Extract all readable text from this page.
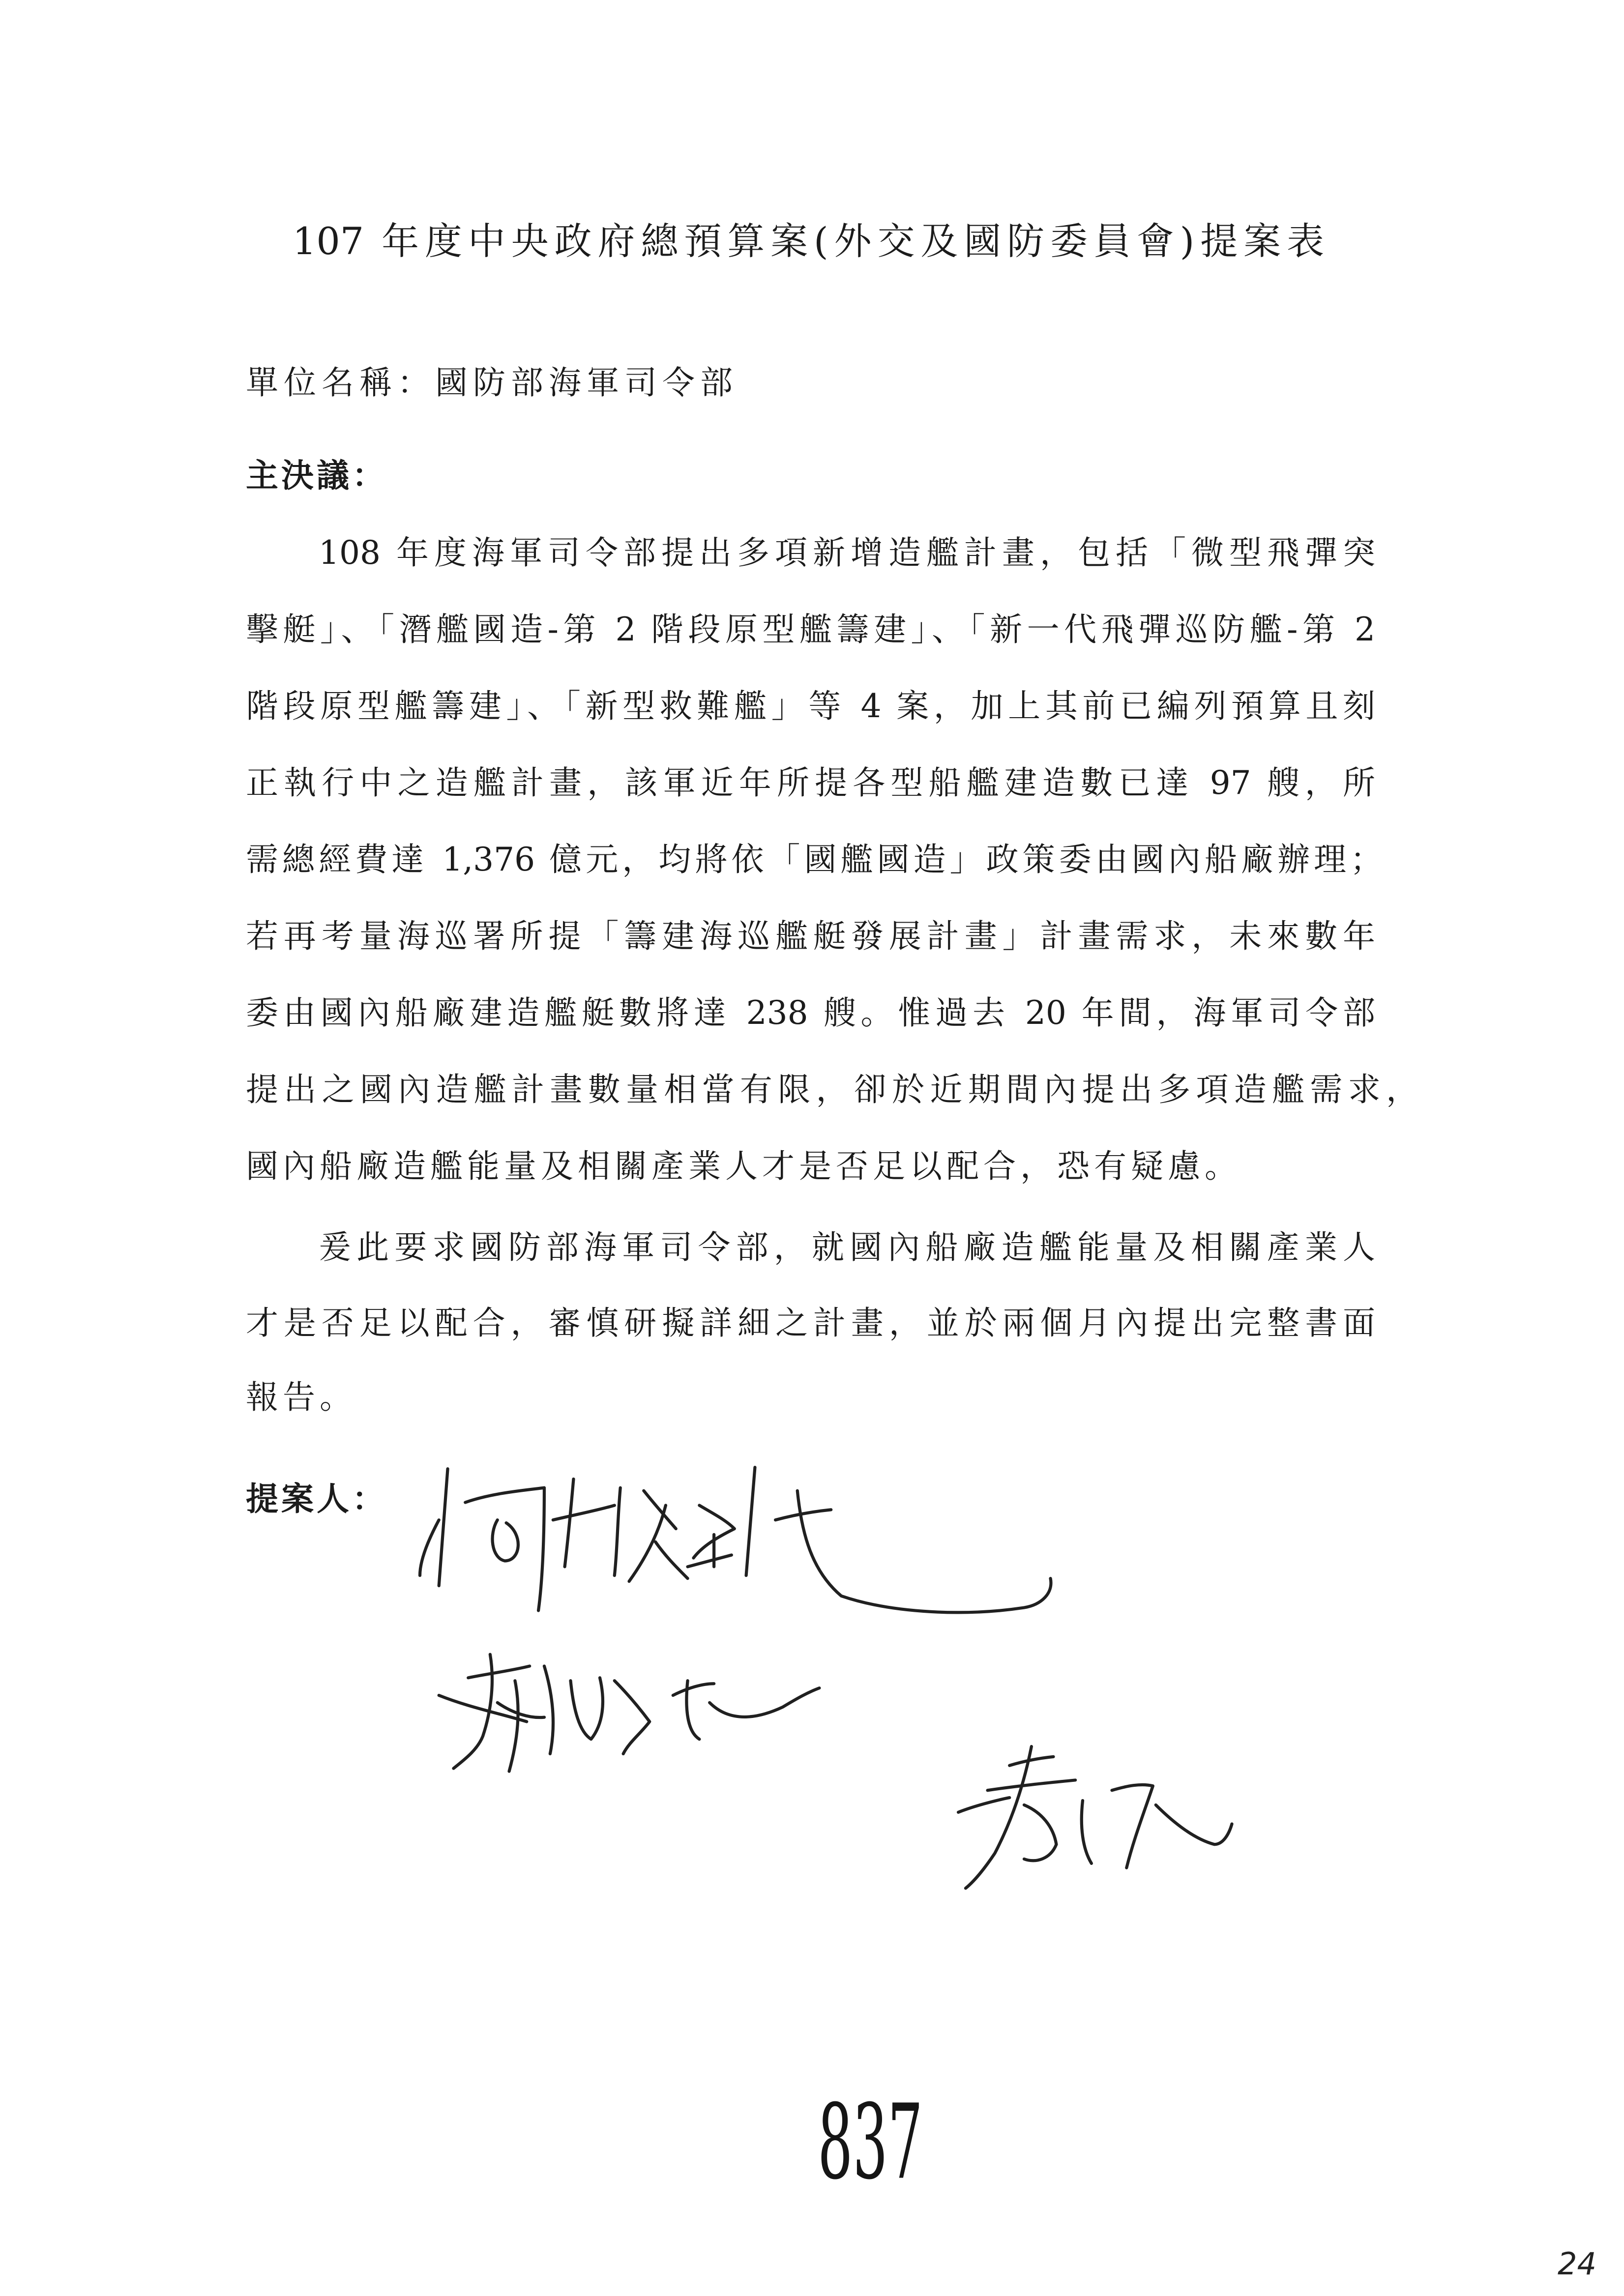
107 年度中央政府總預算案(外交及國防委員會)提案表
單位名稱：國防部海軍司令部
主決議：
108 年度海軍司令部提出多項新增造艦計畫，包括「微型飛彈突
擊艇」、「潛艦國造-第 2 階段原型艦籌建」、「新一代飛彈巡防艦-第 2
階段原型艦籌建」、「新型救難艦」等 4 案，加上其前已編列預算且刻
正執行中之造艦計畫，該軍近年所提各型船艦建造數已達 97 艘，所
需總經費達 1,376 億元，均將依「國艦國造」政策委由國內船廠辦理；
若再考量海巡署所提「籌建海巡艦艇發展計畫」計畫需求，未來數年
委由國內船廠建造艦艇數將達 238 艘。惟過去 20 年間，海軍司令部
提出之國內造艦計畫數量相當有限，卻於近期間內提出多項造艦需求，
國內船廠造艦能量及相關產業人才是否足以配合，恐有疑慮。
爰此要求國防部海軍司令部，就國內船廠造艦能量及相關產業人
才是否足以配合，審慎研擬詳細之計畫，並於兩個月內提出完整書面
報告。
提案人：
837
24
